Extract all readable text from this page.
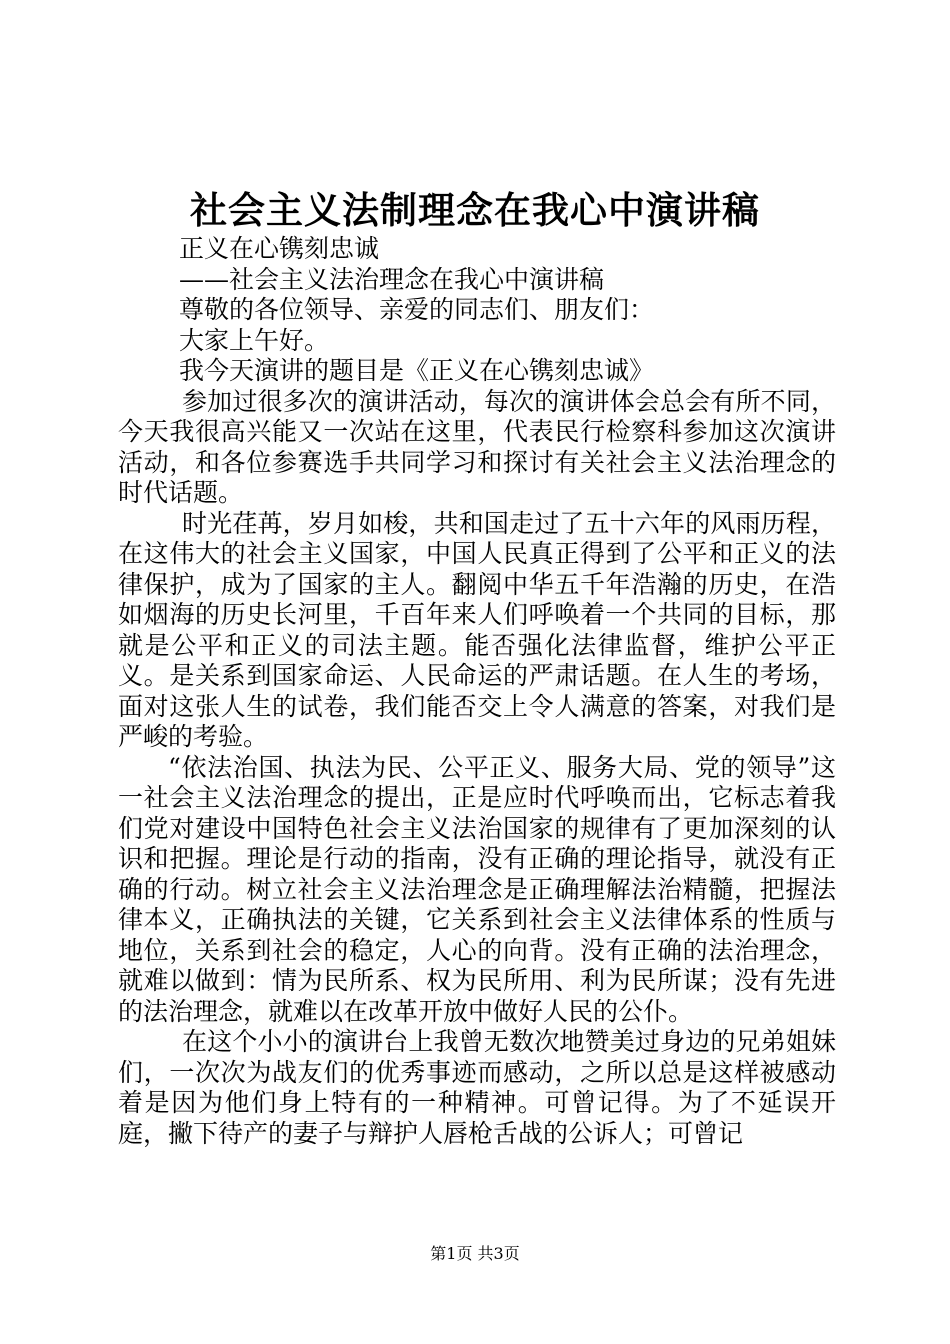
社会主义法制理念在我心中演讲稿

正义在心镌刻忠诚

——社会主义法治理念在我心中演讲稿

尊敬的各位领导、亲爱的同志们、朋友们：

大家上午好。

我今天演讲的题目是《正义在心镌刻忠诚》

参加过很多次的演讲活动，每次的演讲体会总会有所不同，今天我很高兴能又一次站在这里，代表民行检察科参加这次演讲活动，和各位参赛选手共同学习和探讨有关社会主义法治理念的时代话题。

时光荏苒，岁月如梭，共和国走过了五十六年的风雨历程，在这伟大的社会主义国家，中国人民真正得到了公平和正义的法律保护，成为了国家的主人。翻阅中华五千年浩瀚的历史，在浩如烟海的历史长河里，千百年来人们呼唤着一个共同的目标，那就是公平和正义的司法主题。能否强化法律监督，维护公平正义。是关系到国家命运、人民命运的严肃话题。在人生的考场，面对这张人生的试卷，我们能否交上令人满意的答案，对我们是严峻的考验。

“依法治国、执法为民、公平正义、服务大局、党的领导”这一社会主义法治理念的提出，正是应时代呼唤而出，它标志着我们党对建设中国特色社会主义法治国家的规律有了更加深刻的认识和把握。理论是行动的指南，没有正确的理论指导，就没有正确的行动。树立社会主义法治理念是正确理解法治精髓，把握法律本义，正确执法的关键，它关系到社会主义法律体系的性质与地位，关系到社会的稳定，人心的向背。没有正确的法治理念，就难以做到：情为民所系、权为民所用、利为民所谋；没有先进的法治理念，就难以在改革开放中做好人民的公仆。

在这个小小的演讲台上我曾无数次地赞美过身边的兄弟姐妹们，一次次为战友们的优秀事迹而感动，之所以总是这样被感动着是因为他们身上特有的一种精神。可曾记得。为了不延误开庭，撇下待产的妻子与辩护人唇枪舌战的公诉人；可曾记

第1页 共3页
